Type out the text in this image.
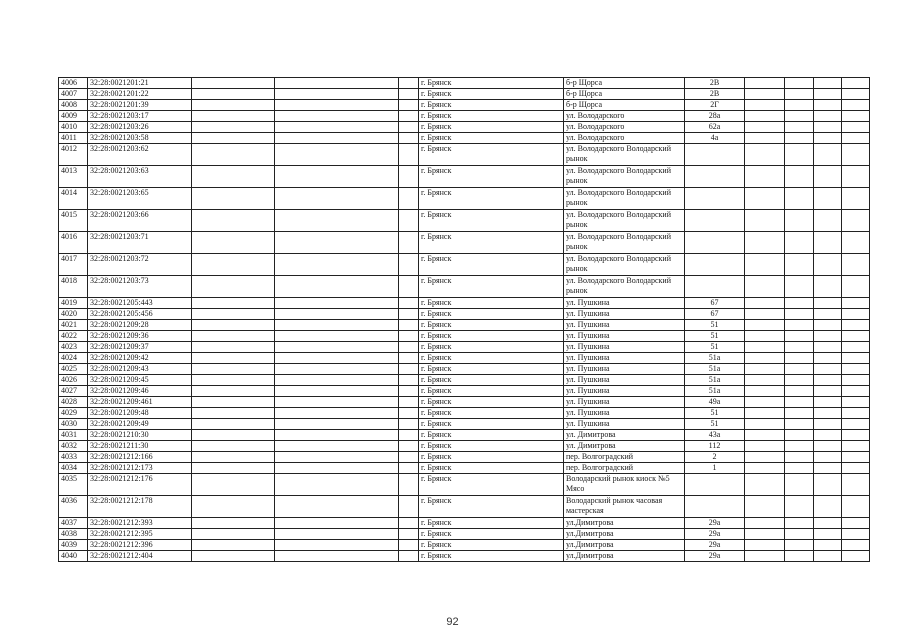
4006	32:28:0021201:21				г. Брянск	б-р Щорса	2В				
4007	32:28:0021201:22				г. Брянск	б-р Щорса	2В				
4008	32:28:0021201:39				г. Брянск	б-р Щорса	2Г				
4009	32:28:0021203:17				г. Брянск	ул. Володарского	28а				
4010	32:28:0021203:26				г. Брянск	ул. Володарского	62а				
4011	32:28:0021203:58				г. Брянск	ул. Володарского	4а				
4012	32:28:0021203:62				г. Брянск	ул. Володарского Володарский рынок					
4013	32:28:0021203:63				г. Брянск	ул. Володарского Володарский рынок					
4014	32:28:0021203:65				г. Брянск	ул. Володарского Володарский рынок					
4015	32:28:0021203:66				г. Брянск	ул. Володарского Володарский рынок					
4016	32:28:0021203:71				г. Брянск	ул. Володарского Володарский рынок					
4017	32:28:0021203:72				г. Брянск	ул. Володарского Володарский рынок					
4018	32:28:0021203:73				г. Брянск	ул. Володарского Володарский рынок					
4019	32:28:0021205:443				г. Брянск	ул. Пушкина	67				
4020	32:28:0021205:456				г. Брянск	ул. Пушкина	67				
4021	32:28:0021209:28				г. Брянск	ул. Пушкина	51				
4022	32:28:0021209:36				г. Брянск	ул. Пушкина	51				
4023	32:28:0021209:37				г. Брянск	ул. Пушкина	51				
4024	32:28:0021209:42				г. Брянск	ул. Пушкина	51а				
4025	32:28:0021209:43				г. Брянск	ул. Пушкина	51а				
4026	32:28:0021209:45				г. Брянск	ул. Пушкина	51а				
4027	32:28:0021209:46				г. Брянск	ул. Пушкина	51а				
4028	32:28:0021209:461				г. Брянск	ул. Пушкина	49а				
4029	32:28:0021209:48				г. Брянск	ул. Пушкина	51				
4030	32:28:0021209:49				г. Брянск	ул. Пушкина	51				
4031	32:28:0021210:30				г. Брянск	ул. Димитрова	43а				
4032	32:28:0021211:30				г. Брянск	ул. Димитрова	112				
4033	32:28:0021212:166				г. Брянск	пер. Волгоградский	2				
4034	32:28:0021212:173				г. Брянск	пер. Волгоградский	1				
4035	32:28:0021212:176				г. Брянск	Володарский рынок киоск №5 Мясо					
4036	32:28:0021212:178				г. Брянск	Володарский рынок часовая мастерская					
4037	32:28:0021212:393				г. Брянск	ул.Димитрова	29а				
4038	32:28:0021212:395				г. Брянск	ул.Димитрова	29а				
4039	32:28:0021212:396				г. Брянск	ул.Димитрова	29а				
4040	32:28:0021212:404				г. Брянск	ул.Димитрова	29а				
92
